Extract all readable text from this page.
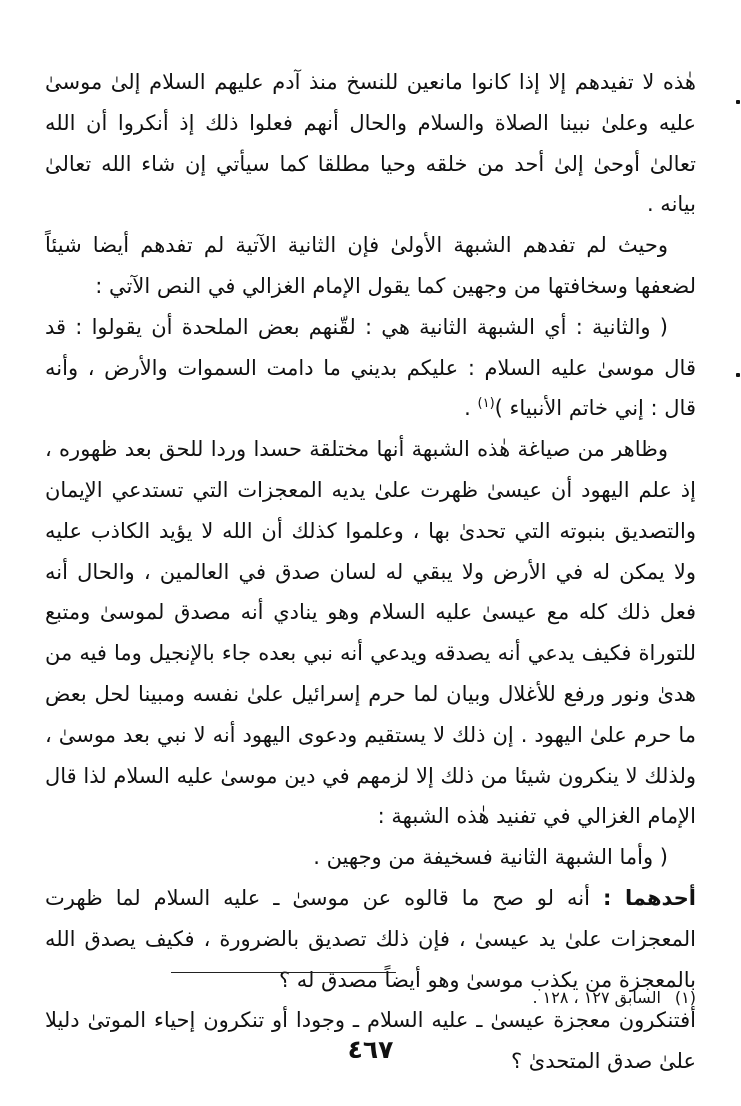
هٰذه لا تفيدهم إلا إذا كانوا مانعين للنسخ منذ آدم عليهم السلام إلىٰ موسىٰ عليه وعلىٰ نبينا الصلاة والسلام والحال أنهم فعلوا ذلك إذ أنكروا أن الله تعالىٰ أوحىٰ إلىٰ أحد من خلقه وحيا مطلقا كما سيأتي إن شاء الله تعالىٰ بيانه .

وحيث لم تفدهم الشبهة الأولىٰ فإن الثانية الآتية لم تفدهم أيضا شيئاً لضعفها وسخافتها من وجهين كما يقول الإمام الغزالي في النص الآتي :

( والثانية : أي الشبهة الثانية هي : لقّنهم بعض الملحدة أن يقولوا : قد قال موسىٰ عليه السلام : عليكم بديني ما دامت السموات والأرض ، وأنه قال : إني خاتم الأنبياء )$^{(١)}$ .

وظاهر من صياغة هٰذه الشبهة أنها مختلقة حسدا وردا للحق بعد ظهوره ، إذ علم اليهود أن عيسىٰ ظهرت علىٰ يديه المعجزات التي تستدعي الإيمان والتصديق بنبوته التي تحدىٰ بها ، وعلموا كذلك أن الله لا يؤيد الكاذب عليه ولا يمكن له في الأرض ولا يبقي له لسان صدق في العالمين ، والحال أنه فعل ذلك كله مع عيسىٰ عليه السلام وهو ينادي أنه مصدق لموسىٰ ومتبع للتوراة فكيف يدعي أنه يصدقه ويدعي أنه نبي بعده جاء بالإنجيل وما فيه من هدىٰ ونور ورفع للأغلال وبيان لما حرم إسرائيل علىٰ نفسه ومبينا لحل بعض ما حرم علىٰ اليهود . إن ذلك لا يستقيم ودعوى اليهود أنه لا نبي بعد موسىٰ ، ولذلك لا ينكرون شيئا من ذلك إلا لزمهم في دين موسىٰ عليه السلام لذا قال الإمام الغزالي في تفنيد هٰذه الشبهة :

( وأما الشبهة الثانية فسخيفة من وجهين .

أحدهما : أنه لو صح ما قالوه عن موسىٰ ـ عليه السلام لما ظهرت المعجزات علىٰ يد عيسىٰ ، فإن ذلك تصديق بالضرورة ، فكيف يصدق الله بالمعجزة من يكذب موسىٰ وهو أيضاً مصدق له ؟

أفتنكرون معجزة عيسىٰ ـ عليه السلام ـ وجودا أو تنكرون إحياء الموتىٰ دليلا علىٰ صدق المتحدىٰ ؟

(١)السابق ١٢٧ ، ١٢٨ .
٤٦٧
